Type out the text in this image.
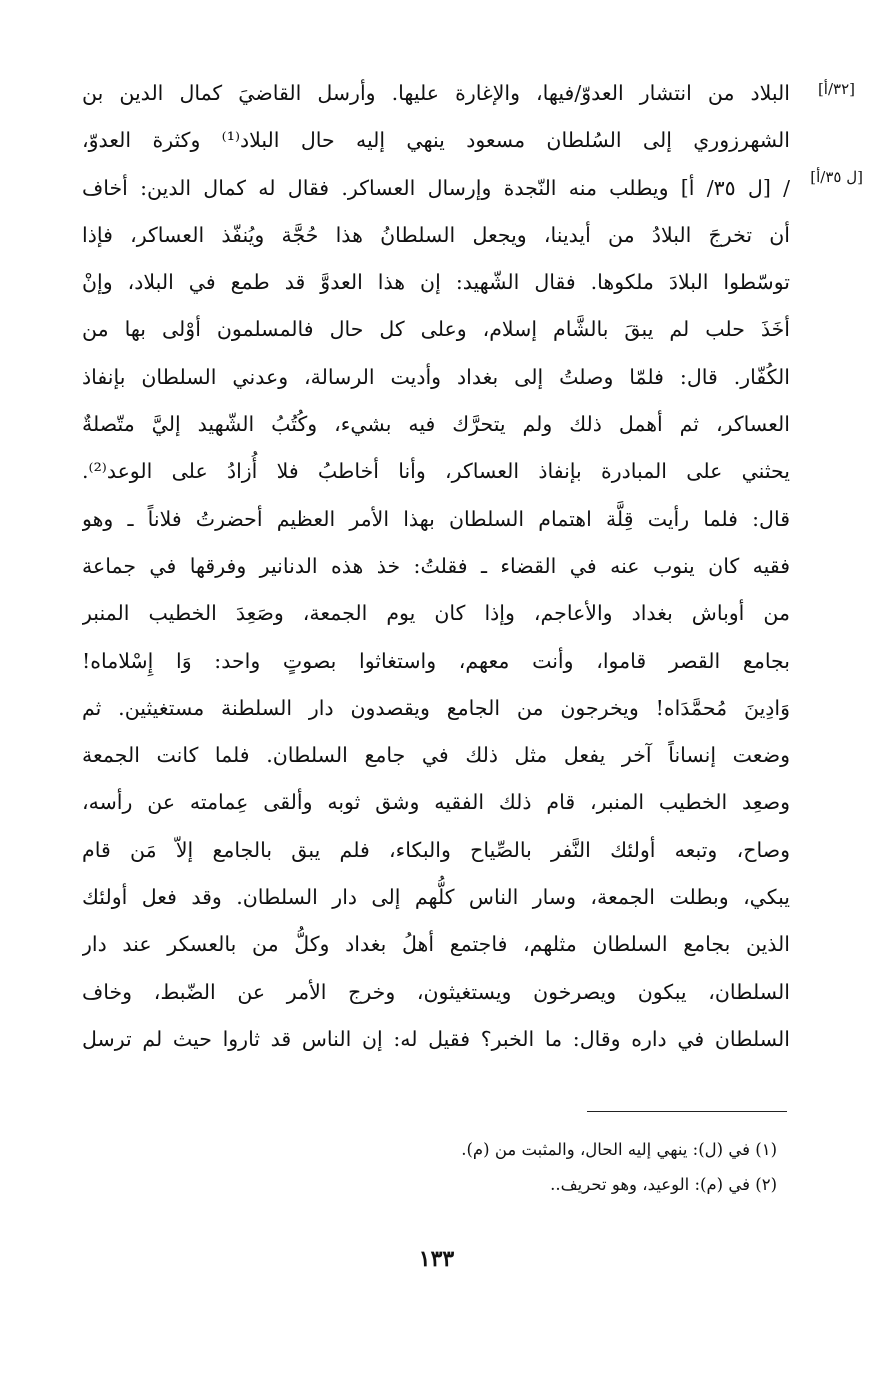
[٣٢/أ]
[ل ٣٥/أ]
البلاد من انتشار العدوّ/فيها، والإغارة عليها. وأرسل القاضيَ كمال الدين بن
الشهرزوري إلى السُلطان مسعود ينهي إليه حال البلاد⁽¹⁾ وكثرة العدوّ،
/ [ل ٣٥/ أ] ويطلب منه النّجدة وإرسال العساكر. فقال له كمال الدين: أخاف
أن تخرجَ البلادُ من أيدينا، ويجعل السلطانُ هذا حُجَّة ويُنفّذ العساكر، فإذا
توسّطوا البلادَ ملكوها. فقال الشّهيد: إن هذا العدوَّ قد طمع في البلاد، وإنْ
أخَذَ حلب لم يبقَ بالشَّام إسلام، وعلى كل حال فالمسلمون أوْلى بها من
الكُفّار. قال: فلمّا وصلتُ إلى بغداد وأديت الرسالة، وعدني السلطان بإنفاذ
العساكر، ثم أهمل ذلك ولم يتحرَّك فيه بشيء، وكُتُبُ الشّهيد إليَّ متّصلةٌ
يحثني على المبادرة بإنفاذ العساكر، وأنا أخاطبُ فلا أُزادُ على الوعد⁽²⁾.
قال: فلما رأيت قِلَّة اهتمام السلطان بهذا الأمر العظيم أحضرتُ فلاناً ـ وهو
فقيه كان ينوب عنه في القضاء ـ فقلتُ: خذ هذه الدنانير وفرقها في جماعة
من أوباش بغداد والأعاجم، وإذا كان يوم الجمعة، وصَعِدَ الخطيب المنبر
بجامع القصر قاموا، وأنت معهم، واستغاثوا بصوتٍ واحد: وَا إِسْلاماه!
وَادِينَ مُحمَّدَاه! ويخرجون من الجامع ويقصدون دار السلطنة مستغيثين. ثم
وضعت إنساناً آخر يفعل مثل ذلك في جامع السلطان. فلما كانت الجمعة
وصعِد الخطيب المنبر، قام ذلك الفقيه وشق ثوبه وألقى عِمامته عن رأسه،
وصاح، وتبعه أولئك النَّفر بالصِّياح والبكاء، فلم يبق بالجامع إلاّ مَن قام
يبكي، وبطلت الجمعة، وسار الناس كلُّهم إلى دار السلطان. وقد فعل أولئك
الذين بجامع السلطان مثلهم، فاجتمع أهلُ بغداد وكلُّ من بالعسكر عند دار
السلطان، يبكون ويصرخون ويستغيثون، وخرج الأمر عن الضّبط، وخاف
السلطان في داره وقال: ما الخبر؟ فقيل له: إن الناس قد ثاروا حيث لم ترسل
(١) في (ل): ينهي إليه الحال، والمثبت من (م).
(٢) في (م): الوعيد، وهو تحريف..
١٣٣
